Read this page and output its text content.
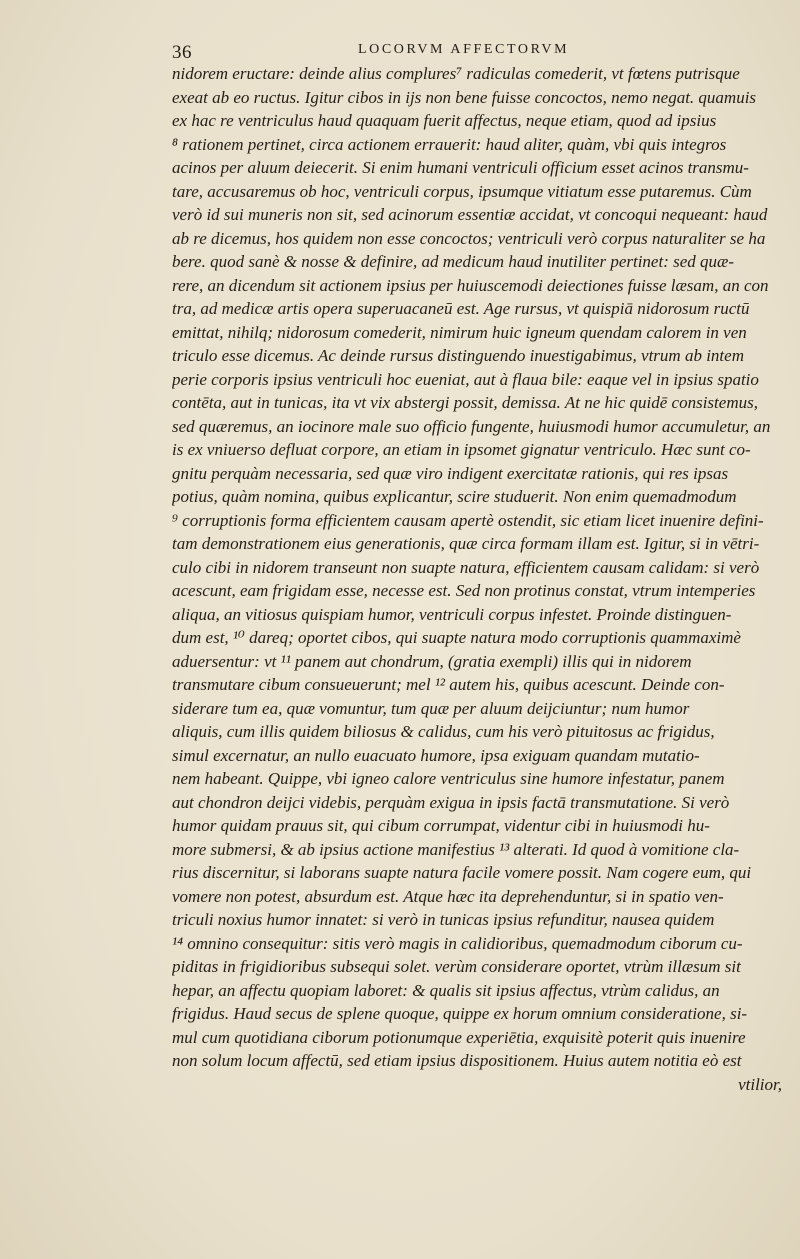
36	LOCORVM AFFECTORVM
nidorem eructare: deinde alius complures⁷ radiculas comederit, vt fœtens putrisque
exeat ab eo ructus. Igitur cibos in ijs non bene fuisse concoctos, nemo negat. quamuis
ex hac re ventriculus haud quaquam fuerit affectus, neque etiam, quod ad ipsius
⁸ rationem pertinet, circa actionem errauerit: haud aliter, quàm, vbi quis integros
acinos per aluum deiecerit. Si enim humani ventriculi officium esset acinos transmu-
tare, accusaremus ob hoc, ventriculi corpus, ipsumque vitiatum esse putaremus. Cùm
verò id sui muneris non sit, sed acinorum essentiæ accidat, vt concoqui nequeant: haud
ab re dicemus, hos quidem non esse concoctos; ventriculi verò corpus naturaliter se ha
bere. quod sanè & nosse & definire, ad medicum haud inutiliter pertinet: sed quæ-
rere, an dicendum sit actionem ipsius per huiuscemodi deiectiones fuisse læsam, an con
tra, ad medicæ artis opera superuacaneū est. Age rursus, vt quispiā nidorosum ructū
emittat, nihilq; nidorosum comederit, nimirum huic igneum quendam calorem in ven
triculo esse dicemus. Ac deinde rursus distinguendo inuestigabimus, vtrum ab intem
perie corporis ipsius ventriculi hoc eueniat, aut à flaua bile: eaque vel in ipsius spatio
contēta, aut in tunicas, ita vt vix abstergi possit, demissa. At ne hic quidē consistemus,
sed quæremus, an iocinore male suo officio fungente, huiusmodi humor accumuletur, an
is ex vniuerso defluat corpore, an etiam in ipsomet gignatur ventriculo. Hæc sunt co-
gnitu perquàm necessaria, sed quæ viro indigent exercitatæ rationis, qui res ipsas
potius, quàm nomina, quibus explicantur, scire studuerit. Non enim quemadmodum
⁹ corruptionis forma efficientem causam apertè ostendit, sic etiam licet inuenire defini-
tam demonstrationem eius generationis, quæ circa formam illam est. Igitur, si in vētri-
culo cibi in nidorem transeunt non suapte natura, efficientem causam calidam: si verò
acescunt, eam frigidam esse, necesse est. Sed non protinus constat, vtrum intemperies
aliqua, an vitiosus quispiam humor, ventriculi corpus infestet. Proinde distinguen-
dum est, ¹⁰ dareq; oportet cibos, qui suapte natura modo corruptionis quammaximè
aduersentur: vt ¹¹ panem aut chondrum, (gratia exempli) illis qui in nidorem
transmutare cibum consueuerunt; mel ¹² autem his, quibus acescunt. Deinde con-
siderare tum ea, quæ vomuntur, tum quæ per aluum deijciuntur; num humor
aliquis, cum illis quidem biliosus & calidus, cum his verò pituitosus ac frigidus,
simul excernatur, an nullo euacuato humore, ipsa exiguam quandam mutatio-
nem habeant. Quippe, vbi igneo calore ventriculus sine humore infestatur, panem
aut chondron deijci videbis, perquàm exigua in ipsis factā transmutatione. Si verò
humor quidam prauus sit, qui cibum corrumpat, videntur cibi in huiusmodi hu-
more submersi, & ab ipsius actione manifestius ¹³ alterati. Id quod à vomitione cla-
rius discernitur, si laborans suapte natura facile vomere possit. Nam cogere eum, qui
vomere non potest, absurdum est. Atque hæc ita deprehenduntur, si in spatio ven-
triculi noxius humor innatet: si verò in tunicas ipsius refunditur, nausea quidem
¹⁴ omnino consequitur: sitis verò magis in calidioribus, quemadmodum ciborum cu-
piditas in frigidioribus subsequi solet. verùm considerare oportet, vtrùm illæsum sit
hepar, an affectu quopiam laboret: & qualis sit ipsius affectus, vtrùm calidus, an
frigidus. Haud secus de splene quoque, quippe ex horum omnium consideratione, si-
mul cum quotidiana ciborum potionumque experiētia, exquisitè poterit quis inuenire
non solum locum affectū, sed etiam ipsius dispositionem. Huius autem notitia eò est
vtilior,
